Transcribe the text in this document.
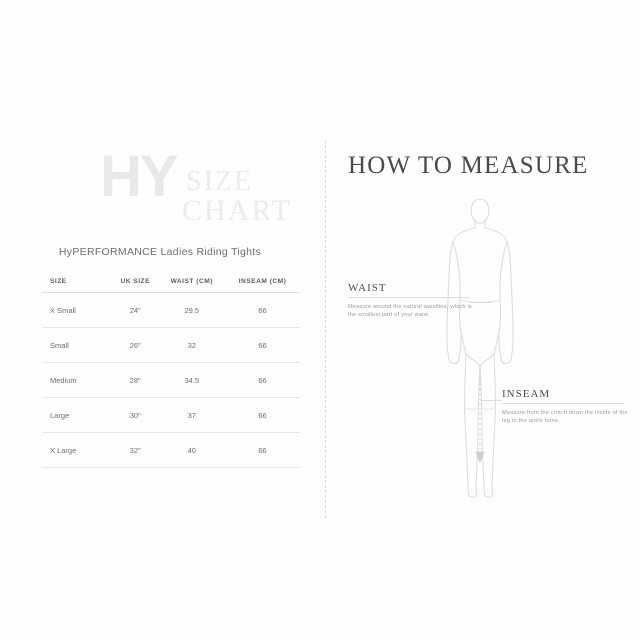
HY SIZE
CHART
HyPERFORMANCE Ladies Riding Tights
SIZE	UK SIZE	WAIST (CM)	INSEAM (CM)
X Small	24"	29.5	66
Small	26"	32	66
Medium	28"	34.5	66
Large	30"	37	66
X Large	32"	40	66
HOW TO MEASURE
WAIST
Measure around the natural waistline, which is the smallest part of your waist.
INSEAM
Measure from the crotch down the inside of the leg to the ankle bone.
